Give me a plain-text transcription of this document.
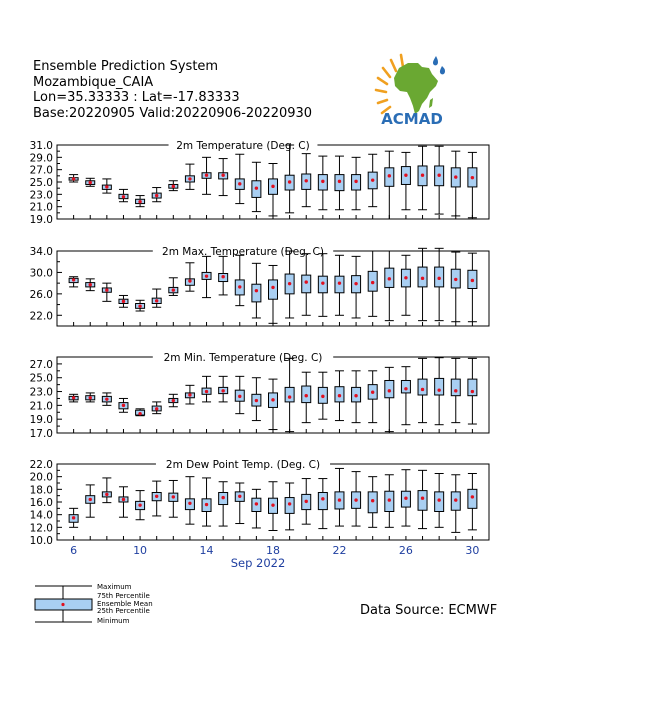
Ensemble Prediction System
Mozambique_CAIA
Lon=35.33333 : Lat=-17.83333
Base:20220905 Valid:20220906-20220930	ACMAD
2m Temperature (Deg. C)
31.0
29.0
27.0
25.0
23.0
21.0
19.0
2m Max. Temperature (Deg. C)
34.0
30.0
26.0
22.0
2m Min. Temperature (Deg. C)
27.0
25.0
23.0
21.0
19.0
17.0
2m Dew Point Temp. (Deg. C)
22.0
20.0
18.0
16.0
14.0
12.0
10.0
6	10	14	18	22	26	30
Sep 2022
Maximum
75th Percentile
Ensemble Mean
25th Percentile
Minimum
Data Source: ECMWF
